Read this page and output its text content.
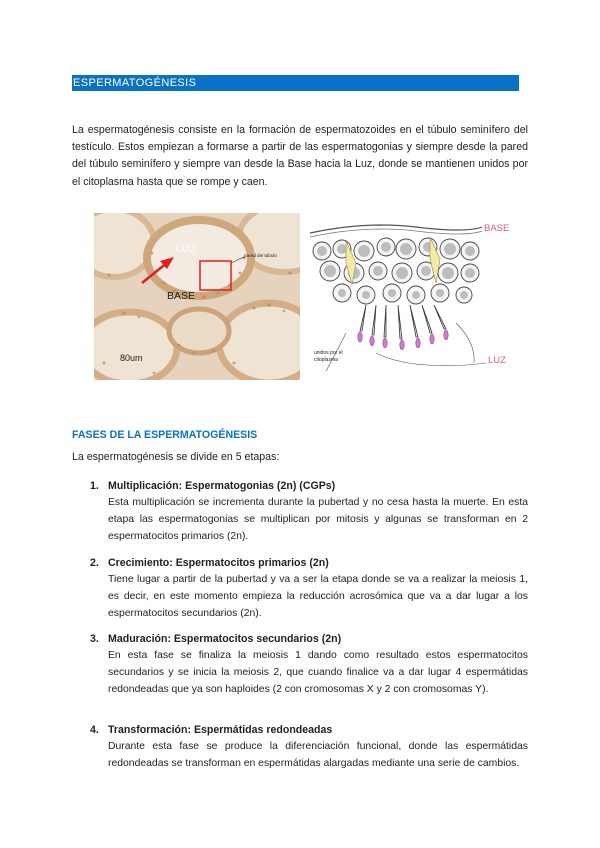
ESPERMATOGÉNESIS

La espermatogénesis consiste en la formación de espermatozoides en el túbulo seminífero del testículo. Estos empiezan a formarse a partir de las espermatogonias y siempre desde la pared del túbulo seminífero y siempre van desde la Base hacia la Luz, donde se mantienen unidos por el citoplasma hasta que se rompe y caen.

LUZ
BASE
pared del túbulo
80um
BASE
LUZ
unidos por el
citoplasma

FASES DE LA ESPERMATOGÉNESIS

La espermatogénesis se divide en 5 etapas:

1. Multiplicación: Espermatogonias (2n) (CGPs)

Esta multiplicación se incrementa durante la pubertad y no cesa hasta la muerte. En esta etapa las espermatogonias se multiplican por mitosis y algunas se transforman en 2 espermatocitos primarios (2n).

2. Crecimiento: Espermatocitos primarios (2n)

Tiene lugar a partir de la pubertad y va a ser la etapa donde se va a realizar la meiosis 1, es decir, en este momento empieza la reducción acrosómica que va a dar lugar a los espermatocitos secundarios (2n).

3. Maduración: Espermatocitos secundarios (2n)

En esta fase se finaliza la meiosis 1 dando como resultado estos espermatocitos secundarios y se inicia la meiosis 2, que cuando finalice va a dar lugar 4 espermátidas redondeadas que ya son haploides (2 con cromosomas X y 2 con cromosomas Y).

4. Transformación: Espermátidas redondeadas

Durante esta fase se produce la diferenciación funcional, donde las espermátidas redondeadas se transforman en espermátidas alargadas mediante una serie de cambios.
